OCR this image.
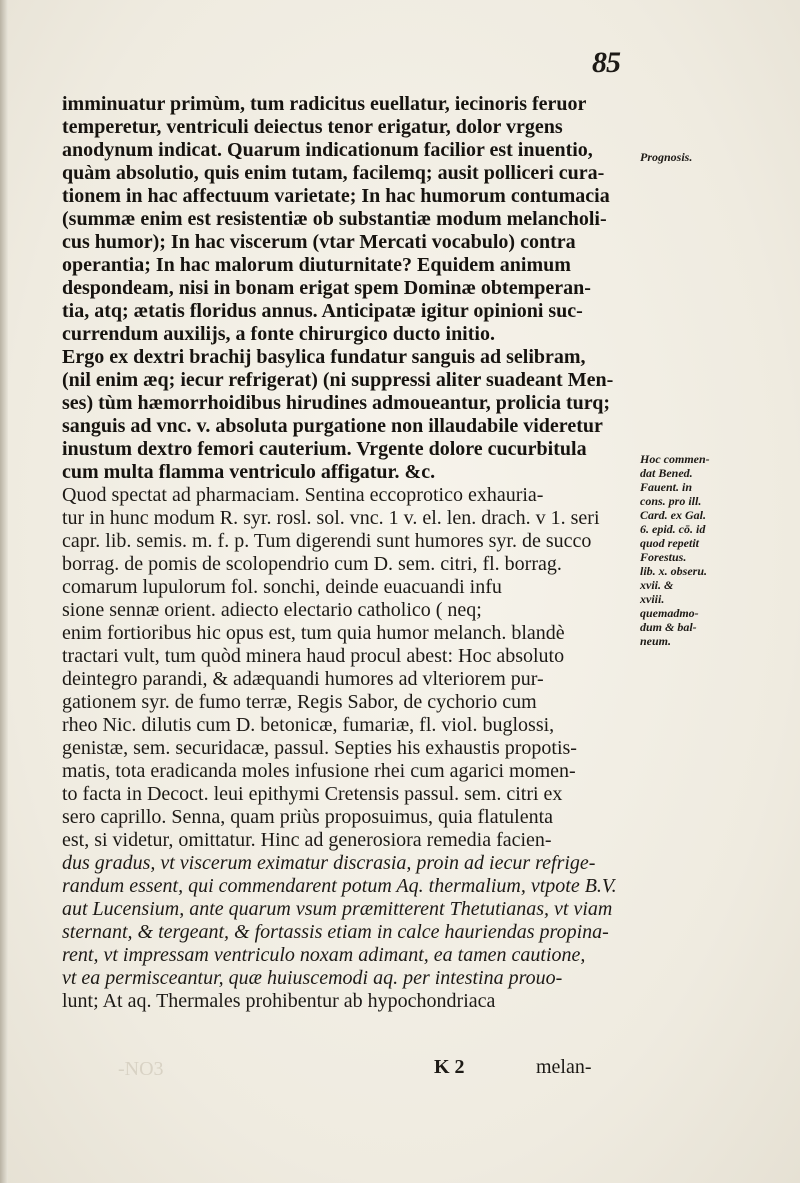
85
imminuatur primùm, tum radicitus euellatur, iecinoris feruor
temperetur, ventriculi deiectus tenor erigatur, dolor vrgens
anodynum indicat. Quarum indicationum facilior est inuentio,
quàm absolutio, quis enim tutam, facilemq; ausit polliceri cura-
tionem in hac affectuum varietate; In hac humorum contumacia
(summæ enim est resistentiæ ob substantiæ modum melancholi-
cus humor); In hac viscerum (vtar Mercati vocabulo) contra
operantia; In hac malorum diuturnitate? Equidem animum
despondeam, nisi in bonam erigat spem Dominæ obtemperan-
tia, atq; ætatis floridus annus. Anticipatæ igitur opinioni suc-
currendum auxilijs, a fonte chirurgico ducto initio.
Ergo ex dextri brachij basylica fundatur sanguis ad selibram,
(nil enim æq; iecur refrigerat) (ni suppressi aliter suadeant Men-
ses) tùm hæmorrhoidibus hirudines admoueantur, prolicia turq;
sanguis ad vnc. v. absoluta purgatione non illaudabile videretur
inustum dextro femori cauterium. Vrgente dolore cucurbitula
cum multa flamma ventriculo affigatur. &c.
Quod spectat ad pharmaciam. Sentina eccoprotico exhauria-
tur in hunc modum R. syr. rosl. sol. vnc. 1 v. el. len. drach. v 1. seri
capr. lib. semis. m. f. p. Tum digerendi sunt humores syr. de succo
borrag. de pomis de scolopendrio cum D. sem. citri, fl. borrag.
comarum lupulorum fol. sonchi, deinde euacuandi infu
sione sennæ orient. adiecto electario catholico ( neq;
enim fortioribus hic opus est, tum quia humor melanch. blandè
tractari vult, tum quòd minera haud procul abest: Hoc absoluto
deintegro parandi, & adæquandi humores ad vlteriorem pur-
gationem syr. de fumo terræ, Regis Sabor, de cychorio cum
rheo Nic. dilutis cum D. betonicæ, fumariæ, fl. viol. buglossi,
genistæ, sem. securidacæ, passul. Septies his exhaustis propotis-
matis, tota eradicanda moles infusione rhei cum agarici momen-
to facta in Decoct. leui epithymi Cretensis passul. sem. citri ex
sero caprillo. Senna, quam priùs proposuimus, quia flatulenta
est, si videtur, omittatur. Hinc ad generosiora remedia facien-
dus gradus, vt viscerum eximatur discrasia, proin ad iecur refrige-
randum essent, qui commendarent potum Aq. thermalium, vtpote B.V.
aut Lucensium, ante quarum vsum præmitterent Thetutianas, vt viam
sternant, & tergeant, & fortassis etiam in calce hauriendas propina-
rent, vt impressam ventriculo noxam adimant, ea tamen cautione,
vt ea permisceantur, quæ huiuscemodi aq. per intestina prouo-
lunt; At aq. Thermales prohibentur ab hypochondriaca
Prognosis.
Hoc commen-
dat Bened.
Fauent. in
cons. pro ill.
Card. ex Gal.
6. epid. cō. id
quod repetit
Forestus.
lib. x. obseru.
xvii. &
xviii.
quemadmo-
dum & bal-
neum.
-NO3	K 2	melan-
